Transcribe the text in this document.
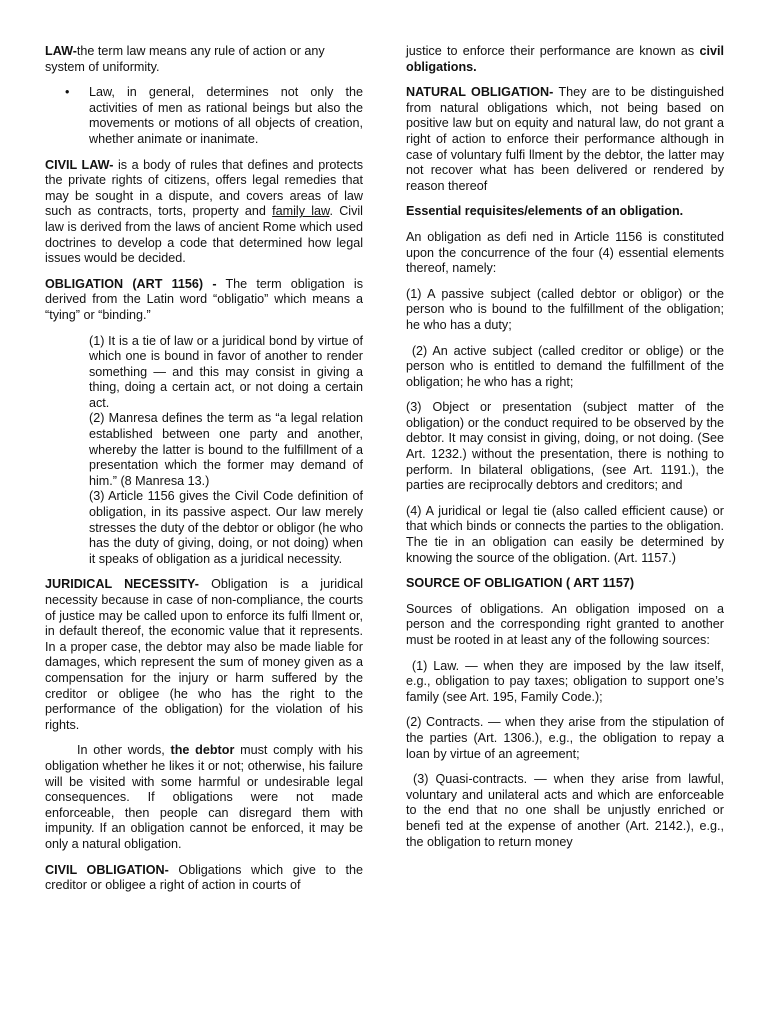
LAW-the term law means any rule of action or any system of uniformity.

• Law, in general, determines not only the activities of men as rational beings but also the movements or motions of all objects of creation, whether animate or inanimate.

CIVIL LAW- is a body of rules that defines and protects the private rights of citizens, offers legal remedies that may be sought in a dispute, and covers areas of law such as contracts, torts, property and family law. Civil law is derived from the laws of ancient Rome which used doctrines to develop a code that determined how legal issues would be decided.

OBLIGATION (ART 1156) - The term obligation is derived from the Latin word “obligatio” which means a “tying” or “binding.”

(1) It is a tie of law or a juridical bond by virtue of which one is bound in favor of another to render something — and this may consist in giving a thing, doing a certain act, or not doing a certain act.

(2) Manresa defines the term as “a legal relation established between one party and another, whereby the latter is bound to the fulfillment of a presentation which the former may demand of him.” (8 Manresa 13.)

(3) Article 1156 gives the Civil Code definition of obligation, in its passive aspect. Our law merely stresses the duty of the debtor or obligor (he who has the duty of giving, doing, or not doing) when it speaks of obligation as a juridical necessity.

JURIDICAL NECESSITY- Obligation is a juridical necessity because in case of non-compliance, the courts of justice may be called upon to enforce its fulfi llment or, in default thereof, the economic value that it represents. In a proper case, the debtor may also be made liable for damages, which represent the sum of money given as a compensation for the injury or harm suffered by the creditor or obligee (he who has the right to the performance of the obligation) for the violation of his rights.

In other words, the debtor must comply with his obligation whether he likes it or not; otherwise, his failure will be visited with some harmful or undesirable legal consequences. If obligations were not made enforceable, then people can disregard them with impunity. If an obligation cannot be enforced, it may be only a natural obligation.

CIVIL OBLIGATION- Obligations which give to the creditor or obligee a right of action in courts of

justice to enforce their performance are known as civil obligations.

NATURAL OBLIGATION- They are to be distinguished from natural obligations which, not being based on positive law but on equity and natural law, do not grant a right of action to enforce their performance although in case of voluntary fulfi llment by the debtor, the latter may not recover what has been delivered or rendered by reason thereof

Essential requisites/elements of an obligation.

An obligation as defi ned in Article 1156 is constituted upon the concurrence of the four (4) essential elements thereof, namely:

(1) A passive subject (called debtor or obligor) or the person who is bound to the fulfillment of the obligation; he who has a duty;

(2) An active subject (called creditor or oblige) or the person who is entitled to demand the fulfillment of the obligation; he who has a right;

(3) Object or presentation (subject matter of the obligation) or the conduct required to be observed by the debtor. It may consist in giving, doing, or not doing. (See Art. 1232.) without the presentation, there is nothing to perform. In bilateral obligations, (see Art. 1191.), the parties are reciprocally debtors and creditors; and

(4) A juridical or legal tie (also called efficient cause) or that which binds or connects the parties to the obligation. The tie in an obligation can easily be determined by knowing the source of the obligation. (Art. 1157.)

SOURCE OF OBLIGATION ( ART 1157)

Sources of obligations. An obligation imposed on a person and the corresponding right granted to another must be rooted in at least any of the following sources:

(1) Law. — when they are imposed by the law itself, e.g., obligation to pay taxes; obligation to support one’s family (see Art. 195, Family Code.);

(2) Contracts. — when they arise from the stipulation of the parties (Art. 1306.), e.g., the obligation to repay a loan by virtue of an agreement;

(3) Quasi-contracts. — when they arise from lawful, voluntary and unilateral acts and which are enforceable to the end that no one shall be unjustly enriched or benefi ted at the expense of another (Art. 2142.), e.g., the obligation to return money
